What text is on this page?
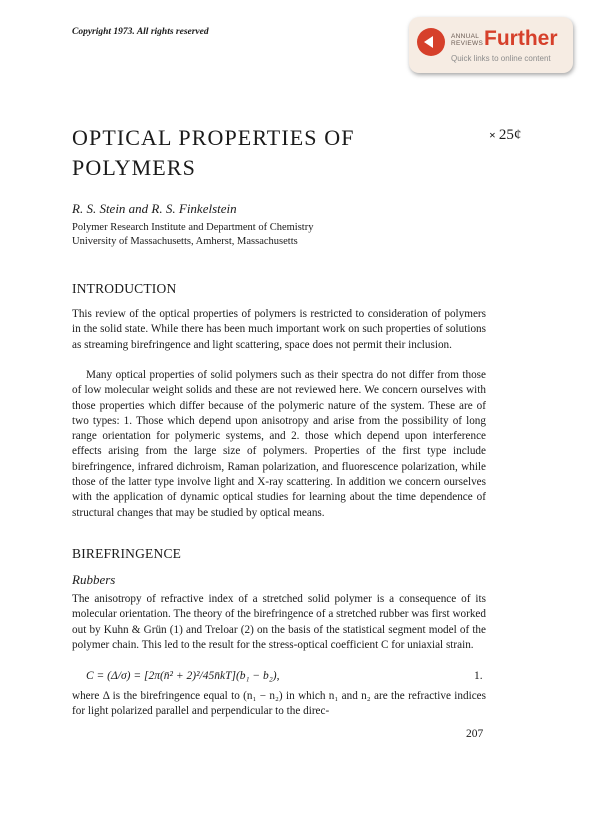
Copyright 1973. All rights reserved	ANNUAL
REVIEWS Further
Quick links to online content
× 25¢
OPTICAL PROPERTIES OF
POLYMERS
R. S. Stein and R. S. Finkelstein
Polymer Research Institute and Department of Chemistry
University of Massachusetts, Amherst, Massachusetts
INTRODUCTION

This review of the optical properties of polymers is restricted to consideration of polymers in the solid state. While there has been much important work on such properties of solutions as streaming birefringence and light scattering, space does not permit their inclusion.

Many optical properties of solid polymers such as their spectra do not differ from those of low molecular weight solids and these are not reviewed here. We concern ourselves with those properties which differ because of the polymeric nature of the system. These are of two types: 1. Those which depend upon anisotropy and arise from the possibility of long range orientation for polymeric systems, and 2. those which depend upon interference effects arising from the large size of polymers. Properties of the first type include birefringence, infrared dichroism, Raman polarization, and fluorescence polarization, while those of the latter type involve light and X-ray scattering. In addition we concern ourselves with the application of dynamic optical studies for learning about the time dependence of structural changes that may be studied by optical means.

BIREFRINGENCE
Rubbers

The anisotropy of refractive index of a stretched solid polymer is a consequence of its molecular orientation. The theory of the birefringence of a stretched rubber was first worked out by Kuhn & Grün (1) and Treloar (2) on the basis of the statistical segment model of the polymer chain. This led to the result for the stress-optical coefficient C for uniaxial strain.

C = (Δ/σ) = [2π(n̄² + 2)²/45n̄kT](b₁ − b₂),	1.

where Δ is the birefringence equal to (n₁ − n₂) in which n₁ and n₂ are the refractive indices for light polarized parallel and perpendicular to the direc-

207
